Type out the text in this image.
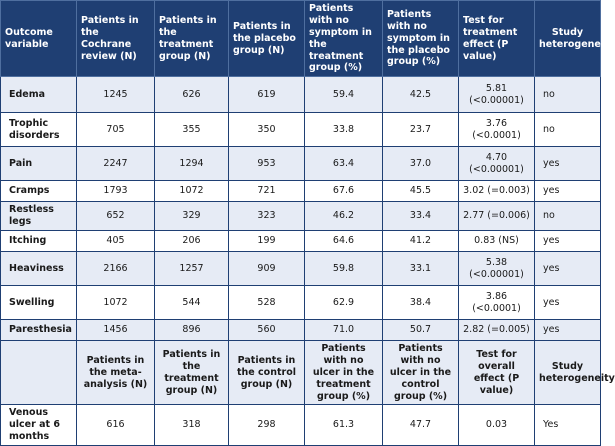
Outcome variable	Patients in the Cochrane review (N)	Patients in the treatment group (N)	Patients in the placebo group (N)	Patients with no symptom in the treatment group (%)	Patients with no symptom in the placebo group (%)	Test for treatment effect (P value)	Study heterogeneity
Edema	1245	626	619	59.4	42.5	5.81 (<0.00001)	no
Trophic disorders	705	355	350	33.8	23.7	3.76 (<0.0001)	no
Pain	2247	1294	953	63.4	37.0	4.70 (<0.00001)	yes
Cramps	1793	1072	721	67.6	45.5	3.02 (=0.003)	yes
Restless legs	652	329	323	46.2	33.4	2.77 (=0.006)	no
Itching	405	206	199	64.6	41.2	0.83 (NS)	yes
Heaviness	2166	1257	909	59.8	33.1	5.38 (<0.00001)	yes
Swelling	1072	544	528	62.9	38.4	3.86 (<0.0001)	yes
Paresthesia	1456	896	560	71.0	50.7	2.82 (=0.005)	yes
	Patients in the meta-analysis (N)	Patients in the treatment group (N)	Patients in the control group (N)	Patients with no ulcer in the treatment group (%)	Patients with no ulcer in the control group (%)	Test for overall effect (P value)	Study heterogeneity
Venous ulcer at 6 months	616	318	298	61.3	47.7	0.03	Yes
